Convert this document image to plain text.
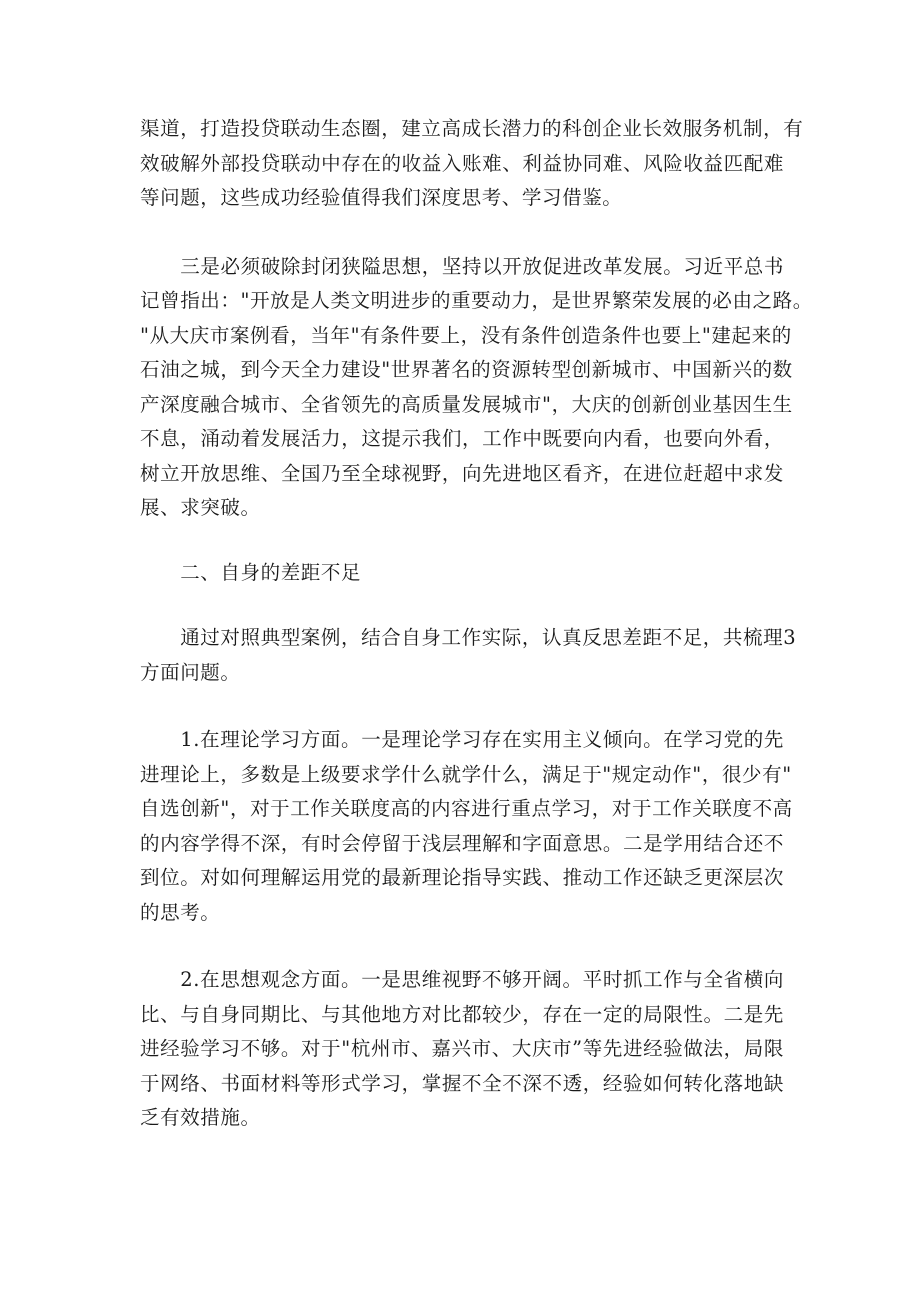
渠道，打造投贷联动生态圈，建立高成长潜力的科创企业长效服务机制，有
效破解外部投贷联动中存在的收益入账难、利益协同难、风险收益匹配难
等问题，这些成功经验值得我们深度思考、学习借鉴。

　　三是必须破除封闭狭隘思想，坚持以开放促进改革发展。习近平总书
记曾指出："开放是人类文明进步的重要动力，是世界繁荣发展的必由之路。
"从大庆市案例看，当年"有条件要上，没有条件创造条件也要上"建起来的
石油之城，到今天全力建设"世界著名的资源转型创新城市、中国新兴的数
产深度融合城市、全省领先的高质量发展城市"，大庆的创新创业基因生生
不息，涌动着发展活力，这提示我们，工作中既要向内看，也要向外看，
树立开放思维、全国乃至全球视野，向先进地区看齐，在进位赶超中求发
展、求突破。

　　二、自身的差距不足

　　通过对照典型案例，结合自身工作实际，认真反思差距不足，共梳理3
方面问题。

　　1.在理论学习方面。一是理论学习存在实用主义倾向。在学习党的先
进理论上，多数是上级要求学什么就学什么，满足于"规定动作"，很少有"
自选创新"，对于工作关联度高的内容进行重点学习，对于工作关联度不高
的内容学得不深，有时会停留于浅层理解和字面意思。二是学用结合还不
到位。对如何理解运用党的最新理论指导实践、推动工作还缺乏更深层次
的思考。

　　2.在思想观念方面。一是思维视野不够开阔。平时抓工作与全省横向
比、与自身同期比、与其他地方对比都较少，存在一定的局限性。二是先
进经验学习不够。对于"杭州市、嘉兴市、大庆市”等先进经验做法，局限
于网络、书面材料等形式学习，掌握不全不深不透，经验如何转化落地缺
乏有效措施。
